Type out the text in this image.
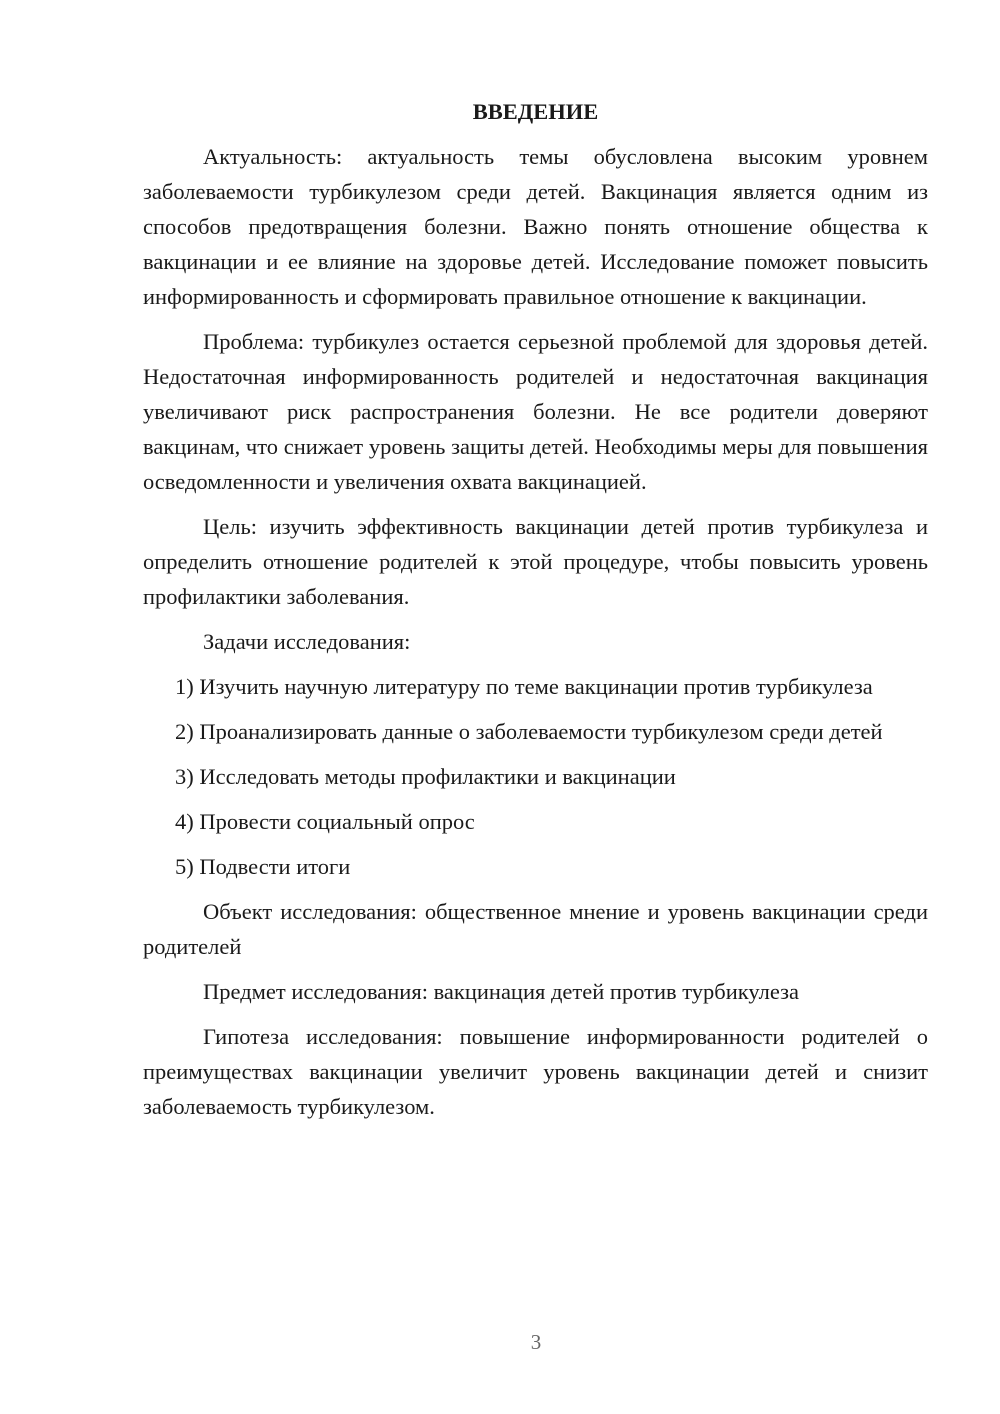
ВВЕДЕНИЕ

Актуальность: актуальность темы обусловлена высоким уровнем заболеваемости турбикулезом среди детей. Вакцинация является одним из способов предотвращения болезни. Важно понять отношение общества к вакцинации и ее влияние на здоровье детей. Исследование поможет повысить информированность и сформировать правильное отношение к вакцинации.

Проблема: турбикулез остается серьезной проблемой для здоровья детей. Недостаточная информированность родителей и недостаточная вакцинация увеличивают риск распространения болезни. Не все родители доверяют вакцинам, что снижает уровень защиты детей. Необходимы меры для повышения осведомленности и увеличения охвата вакцинацией.

Цель: изучить эффективность вакцинации детей против турбикулеза и определить отношение родителей к этой процедуре, чтобы повысить уровень профилактики заболевания.

Задачи исследования:

1) Изучить научную литературу по теме вакцинации против турбикулеза

2) Проанализировать данные о заболеваемости турбикулезом среди детей

3) Исследовать методы профилактики и вакцинации

4) Провести социальный опрос

5) Подвести итоги

Объект исследования: общественное мнение и уровень вакцинации среди родителей

Предмет исследования: вакцинация детей против турбикулеза

Гипотеза исследования: повышение информированности родителей о преимуществах вакцинации увеличит уровень вакцинации детей и снизит заболеваемость турбикулезом.

3
